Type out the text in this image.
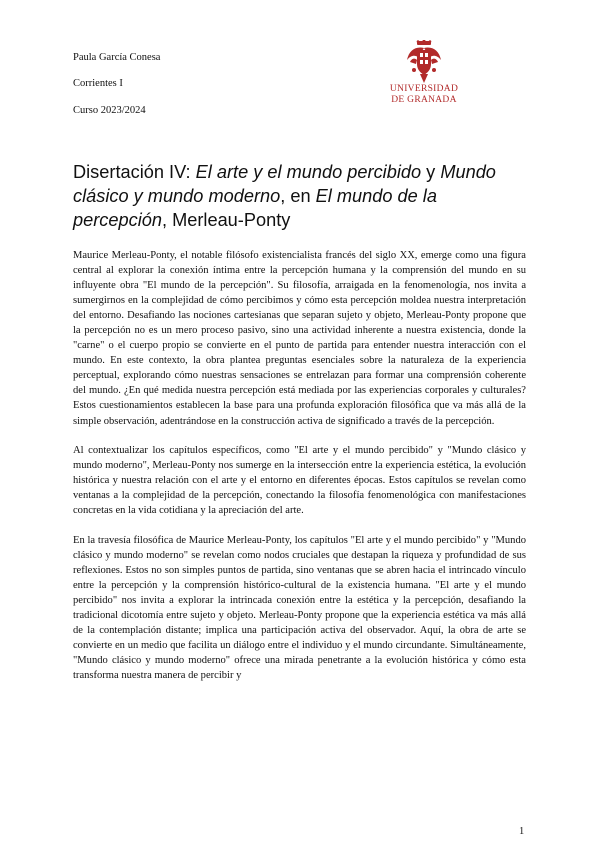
Paula García Conesa
Corrientes I
Curso 2023/2024
UNIVERSIDAD
DE GRANADA
Disertación IV: El arte y el mundo percibido y Mundo clásico y mundo moderno, en El mundo de la percepción, Merleau-Ponty

Maurice Merleau-Ponty, el notable filósofo existencialista francés del siglo XX, emerge como una figura central al explorar la conexión íntima entre la percepción humana y la comprensión del mundo en su influyente obra "El mundo de la percepción". Su filosofía, arraigada en la fenomenología, nos invita a sumergirnos en la complejidad de cómo percibimos y cómo esta percepción moldea nuestra interpretación del entorno. Desafiando las nociones cartesianas que separan sujeto y objeto, Merleau-Ponty propone que la percepción no es un mero proceso pasivo, sino una actividad inherente a nuestra existencia, donde la "carne" o el cuerpo propio se convierte en el punto de partida para entender nuestra interacción con el mundo. En este contexto, la obra plantea preguntas esenciales sobre la naturaleza de la experiencia perceptual, explorando cómo nuestras sensaciones se entrelazan para formar una comprensión coherente del mundo. ¿En qué medida nuestra percepción está mediada por las experiencias corporales y culturales? Estos cuestionamientos establecen la base para una profunda exploración filosófica que va más allá de la simple observación, adentrándose en la construcción activa de significado a través de la percepción.

Al contextualizar los capítulos específicos, como "El arte y el mundo percibido" y "Mundo clásico y mundo moderno", Merleau-Ponty nos sumerge en la intersección entre la experiencia estética, la evolución histórica y nuestra relación con el arte y el entorno en diferentes épocas. Estos capítulos se revelan como ventanas a la complejidad de la percepción, conectando la filosofía fenomenológica con manifestaciones concretas en la vida cotidiana y la apreciación del arte.

En la travesía filosófica de Maurice Merleau-Ponty, los capítulos "El arte y el mundo percibido" y "Mundo clásico y mundo moderno" se revelan como nodos cruciales que destapan la riqueza y profundidad de sus reflexiones. Estos no son simples puntos de partida, sino ventanas que se abren hacia el intrincado vínculo entre la percepción y la comprensión histórico-cultural de la existencia humana. "El arte y el mundo percibido" nos invita a explorar la intrincada conexión entre la estética y la percepción, desafiando la tradicional dicotomía entre sujeto y objeto. Merleau-Ponty propone que la experiencia estética va más allá de la contemplación distante; implica una participación activa del observador. Aquí, la obra de arte se convierte en un medio que facilita un diálogo entre el individuo y el mundo circundante. Simultáneamente, "Mundo clásico y mundo moderno" ofrece una mirada penetrante a la evolución histórica y cómo esta transforma nuestra manera de percibir y

1
